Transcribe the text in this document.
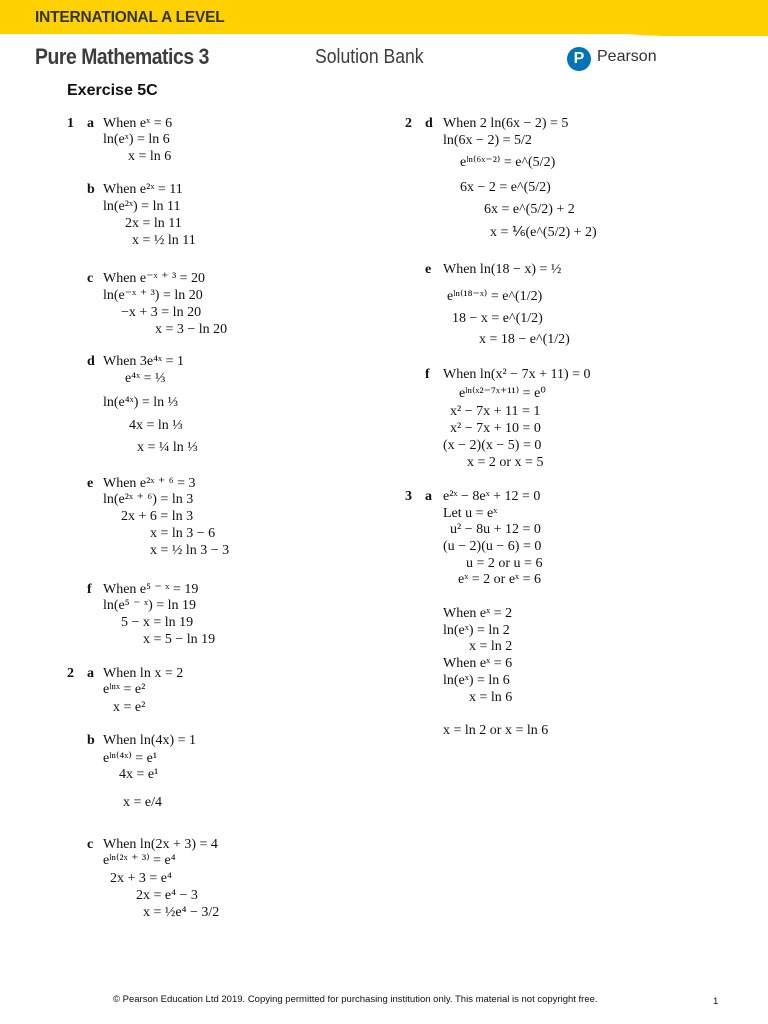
INTERNATIONAL A LEVEL
Pure Mathematics 3	Solution Bank	P Pearson
Exercise 5C
1 a When eˣ = 6
ln(eˣ) = ln 6
x = ln 6
b When e²ˣ = 11
ln(e²ˣ) = ln 11
2x = ln 11
x = ½ ln 11
c When e⁻ˣ ⁺ ³ = 20
ln(e⁻ˣ ⁺ ³) = ln 20
−x + 3 = ln 20
x = 3 − ln 20
d When 3e⁴ˣ = 1
e⁴ˣ = ⅓
ln(e⁴ˣ) = ln ⅓
4x = ln ⅓
x = ¼ ln ⅓
e When e²ˣ ⁺ ⁶ = 3
ln(e²ˣ ⁺ ⁶) = ln 3
2x + 6 = ln 3
x = ln 3 − 6
x = ½ ln 3 − 3
f When e⁵ ⁻ ˣ = 19
ln(e⁵ ⁻ ˣ) = ln 19
5 − x = ln 19
x = 5 − ln 19
2 a When ln x = 2
eˡⁿˣ = e²
x = e²
b When ln(4x) = 1
eˡⁿ⁽⁴ˣ⁾ = e¹
4x = e¹
x = e/4
c When ln(2x + 3) = 4
eˡⁿ⁽²ˣ ⁺ ³⁾ = e⁴
2x + 3 = e⁴
2x = e⁴ − 3
x = ½e⁴ − 3/2
2 d When 2 ln(6x − 2) = 5
ln(6x − 2) = 5/2
eˡⁿ⁽⁶ˣ⁻²⁾ = e^(5/2)
6x − 2 = e^(5/2)
6x = e^(5/2) + 2
x = ⅙(e^(5/2) + 2)
e When ln(18 − x) = ½
eˡⁿ⁽¹⁸⁻ˣ⁾ = e^(1/2)
18 − x = e^(1/2)
x = 18 − e^(1/2)
f When ln(x² − 7x + 11) = 0
eˡⁿ⁽ˣ²⁻⁷ˣ⁺¹¹⁾ = e⁰
x² − 7x + 11 = 1
x² − 7x + 10 = 0
(x − 2)(x − 5) = 0
x = 2 or x = 5
3 a e²ˣ − 8eˣ + 12 = 0
Let u = eˣ
u² − 8u + 12 = 0
(u − 2)(u − 6) = 0
u = 2 or u = 6
eˣ = 2 or eˣ = 6
When eˣ = 2
ln(eˣ) = ln 2
x = ln 2
When eˣ = 6
ln(eˣ) = ln 6
x = ln 6
x = ln 2 or x = ln 6
© Pearson Education Ltd 2019. Copying permitted for purchasing institution only. This material is not copyright free.	1
